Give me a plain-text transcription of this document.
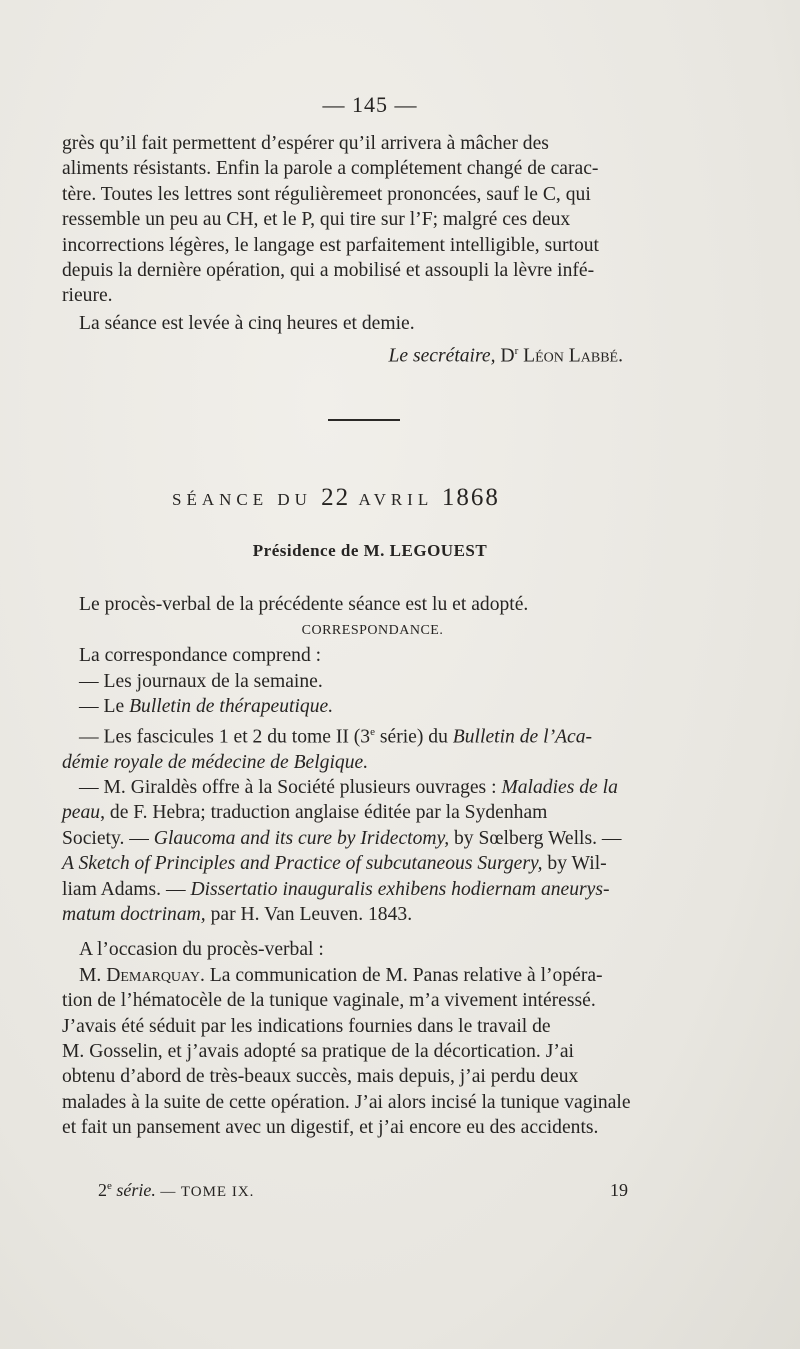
— 145 —

grès qu’il fait permettent d’espérer qu’il arrivera à mâcher des

aliments résistants. Enfin la parole a complétement changé de carac-

tère. Toutes les lettres sont régulièremeet prononcées, sauf le C, qui

ressemble un peu au CH, et le P, qui tire sur l’F; malgré ces deux

incorrections légères, le langage est parfaitement intelligible, surtout

depuis la dernière opération, qui a mobilisé et assoupli la lèvre infé-

rieure.

La séance est levée à cinq heures et demie.

Le secrétaire, $D^r$ Léon Labbé.

SÉANCE DU 22 AVRIL 1868
Présidence de M. LEGOUEST

Le procès-verbal de la précédente séance est lu et adopté.

CORRESPONDANCE.

La correspondance comprend :

— Les journaux de la semaine.

— Le Bulletin de thérapeutique.

— Les fascicules 1 et 2 du tome II (3e série) du Bulletin de l’Aca-

démie royale de médecine de Belgique.

— M. Giraldès offre à la Société plusieurs ouvrages : Maladies de la

peau, de F. Hebra; traduction anglaise éditée par la Sydenham

Society. — Glaucoma and its cure by Iridectomy, by Sœlberg Wells. —

A Sketch of Principles and Practice of subcutaneous Surgery, by Wil-

liam Adams. — Dissertatio inauguralis exhibens hodiernam aneurys-

matum doctrinam, par H. Van Leuven. 1843.

A l’occasion du procès-verbal :

M. Demarquay. La communication de M. Panas relative à l’opéra-

tion de l’hématocèle de la tunique vaginale, m’a vivement intéressé.

J’avais été séduit par les indications fournies dans le travail de

M. Gosselin, et j’avais adopté sa pratique de la décortication. J’ai

obtenu d’abord de très-beaux succès, mais depuis, j’ai perdu deux

malades à la suite de cette opération. J’ai alors incisé la tunique vaginale

et fait un pansement avec un digestif, et j’ai encore eu des accidents.

2e série. — TOME IX.	19
